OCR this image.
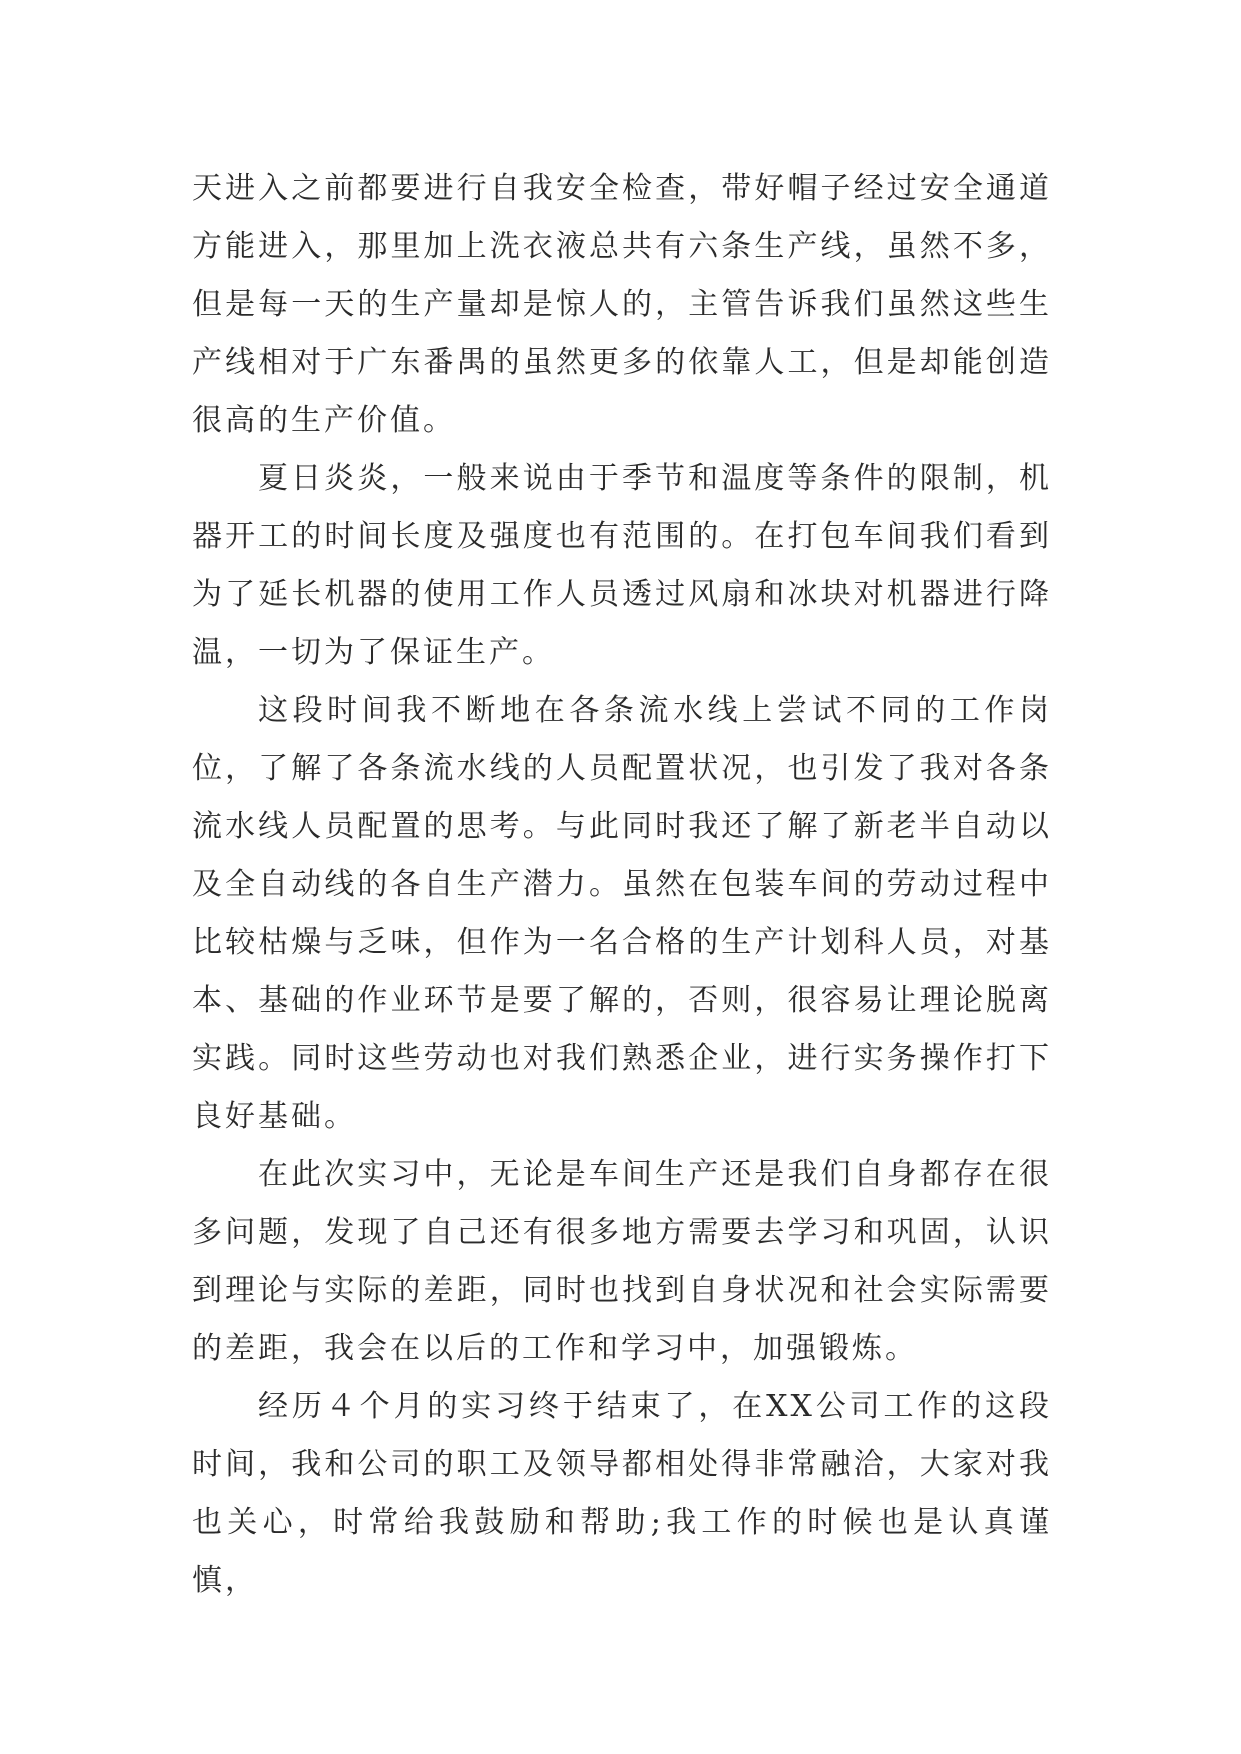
天进入之前都要进行自我安全检查，带好帽子经过安全通道方能进入，那里加上洗衣液总共有六条生产线，虽然不多，但是每一天的生产量却是惊人的，主管告诉我们虽然这些生产线相对于广东番禺的虽然更多的依靠人工，但是却能创造很高的生产价值。

夏日炎炎，一般来说由于季节和温度等条件的限制，机器开工的时间长度及强度也有范围的。在打包车间我们看到为了延长机器的使用工作人员透过风扇和冰块对机器进行降温，一切为了保证生产。

这段时间我不断地在各条流水线上尝试不同的工作岗位，了解了各条流水线的人员配置状况，也引发了我对各条流水线人员配置的思考。与此同时我还了解了新老半自动以及全自动线的各自生产潜力。虽然在包装车间的劳动过程中比较枯燥与乏味，但作为一名合格的生产计划科人员，对基本、基础的作业环节是要了解的，否则，很容易让理论脱离实践。同时这些劳动也对我们熟悉企业，进行实务操作打下良好基础。

在此次实习中，无论是车间生产还是我们自身都存在很多问题，发现了自己还有很多地方需要去学习和巩固，认识到理论与实际的差距，同时也找到自身状况和社会实际需要的差距，我会在以后的工作和学习中，加强锻炼。

经历４个月的实习终于结束了，在XX公司工作的这段时间，我和公司的职工及领导都相处得非常融洽，大家对我也关心，时常给我鼓励和帮助;我工作的时候也是认真谨慎，
